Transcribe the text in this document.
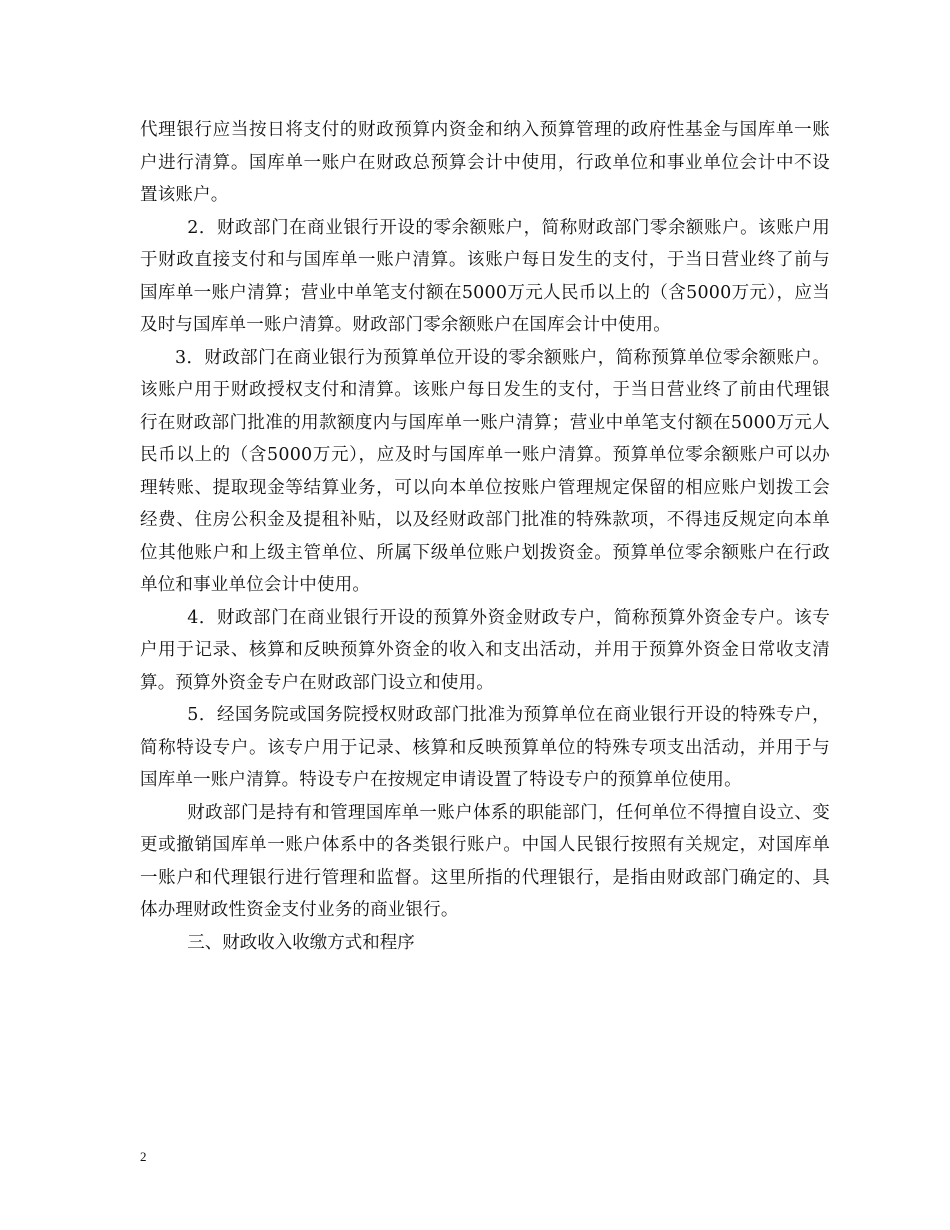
代理银行应当按日将支付的财政预算内资金和纳入预算管理的政府性基金与国库单一账户进行清算。国库单一账户在财政总预算会计中使用，行政单位和事业单位会计中不设置该账户。

2．财政部门在商业银行开设的零余额账户，简称财政部门零余额账户。该账户用于财政直接支付和与国库单一账户清算。该账户每日发生的支付，于当日营业终了前与国库单一账户清算；营业中单笔支付额在5000万元人民币以上的（含5000万元），应当及时与国库单一账户清算。财政部门零余额账户在国库会计中使用。

3．财政部门在商业银行为预算单位开设的零余额账户，简称预算单位零余额账户。该账户用于财政授权支付和清算。该账户每日发生的支付，于当日营业终了前由代理银行在财政部门批准的用款额度内与国库单一账户清算；营业中单笔支付额在5000万元人民币以上的（含5000万元），应及时与国库单一账户清算。预算单位零余额账户可以办理转账、提取现金等结算业务，可以向本单位按账户管理规定保留的相应账户划拨工会经费、住房公积金及提租补贴，以及经财政部门批准的特殊款项，不得违反规定向本单位其他账户和上级主管单位、所属下级单位账户划拨资金。预算单位零余额账户在行政单位和事业单位会计中使用。

4．财政部门在商业银行开设的预算外资金财政专户，简称预算外资金专户。该专户用于记录、核算和反映预算外资金的收入和支出活动，并用于预算外资金日常收支清算。预算外资金专户在财政部门设立和使用。

5．经国务院或国务院授权财政部门批准为预算单位在商业银行开设的特殊专户，简称特设专户。该专户用于记录、核算和反映预算单位的特殊专项支出活动，并用于与国库单一账户清算。特设专户在按规定申请设置了特设专户的预算单位使用。

财政部门是持有和管理国库单一账户体系的职能部门，任何单位不得擅自设立、变更或撤销国库单一账户体系中的各类银行账户。中国人民银行按照有关规定，对国库单一账户和代理银行进行管理和监督。这里所指的代理银行，是指由财政部门确定的、具体办理财政性资金支付业务的商业银行。

三、财政收入收缴方式和程序

2
